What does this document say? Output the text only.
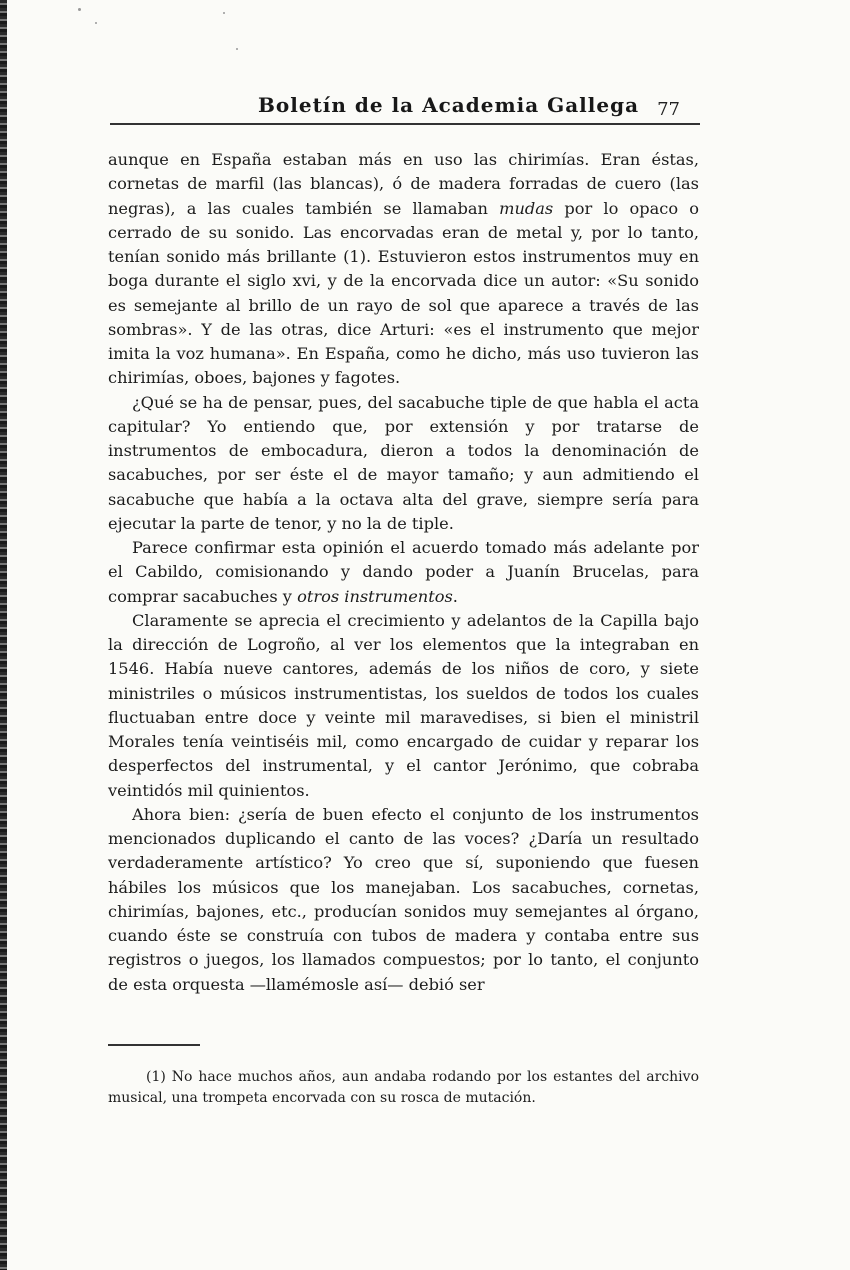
Boletín de la Academia Gallega 77

aunque en España estaban más en uso las chirimías. Eran éstas, cornetas de marfil (las blancas), ó de madera forradas de cuero (las negras), a las cuales también se llamaban mudas por lo opaco o cerrado de su sonido. Las encorvadas eran de metal y, por lo tanto, tenían sonido más brillante (1). Estuvieron estos instrumentos muy en boga durante el siglo xvi, y de la encorvada dice un autor: «Su sonido es semejante al brillo de un rayo de sol que aparece a través de las sombras». Y de las otras, dice Arturi: «es el instrumento que mejor imita la voz humana». En España, como he dicho, más uso tuvieron las chirimías, oboes, bajones y fagotes.

¿Qué se ha de pensar, pues, del sacabuche tiple de que habla el acta capitular? Yo entiendo que, por extensión y por tratarse de instrumentos de embocadura, dieron a todos la denominación de sacabuches, por ser éste el de mayor tamaño; y aun admitiendo el sacabuche que había a la octava alta del grave, siempre sería para ejecutar la parte de tenor, y no la de tiple.

Parece confirmar esta opinión el acuerdo tomado más adelante por el Cabildo, comisionando y dando poder a Juanín Brucelas, para comprar sacabuches y otros instrumentos.

Claramente se aprecia el crecimiento y adelantos de la Capilla bajo la dirección de Logroño, al ver los elementos que la integraban en 1546. Había nueve cantores, además de los niños de coro, y siete ministriles o músicos instrumentistas, los sueldos de todos los cuales fluctuaban entre doce y veinte mil maravedises, si bien el ministril Morales tenía veintiséis mil, como encargado de cuidar y reparar los desperfectos del instrumental, y el cantor Jerónimo, que cobraba veintidós mil quinientos.

Ahora bien: ¿sería de buen efecto el conjunto de los instrumentos mencionados duplicando el canto de las voces? ¿Daría un resultado verdaderamente artístico? Yo creo que sí, suponiendo que fuesen hábiles los músicos que los manejaban. Los sacabuches, cornetas, chirimías, bajones, etc., producían sonidos muy semejantes al órgano, cuando éste se construía con tubos de madera y contaba entre sus registros o juegos, los llamados compuestos; por lo tanto, el conjunto de esta orquesta —llamémosle así— debió ser

(1) No hace muchos años, aun andaba rodando por los estantes del archivo musical, una trompeta encorvada con su rosca de mutación.
